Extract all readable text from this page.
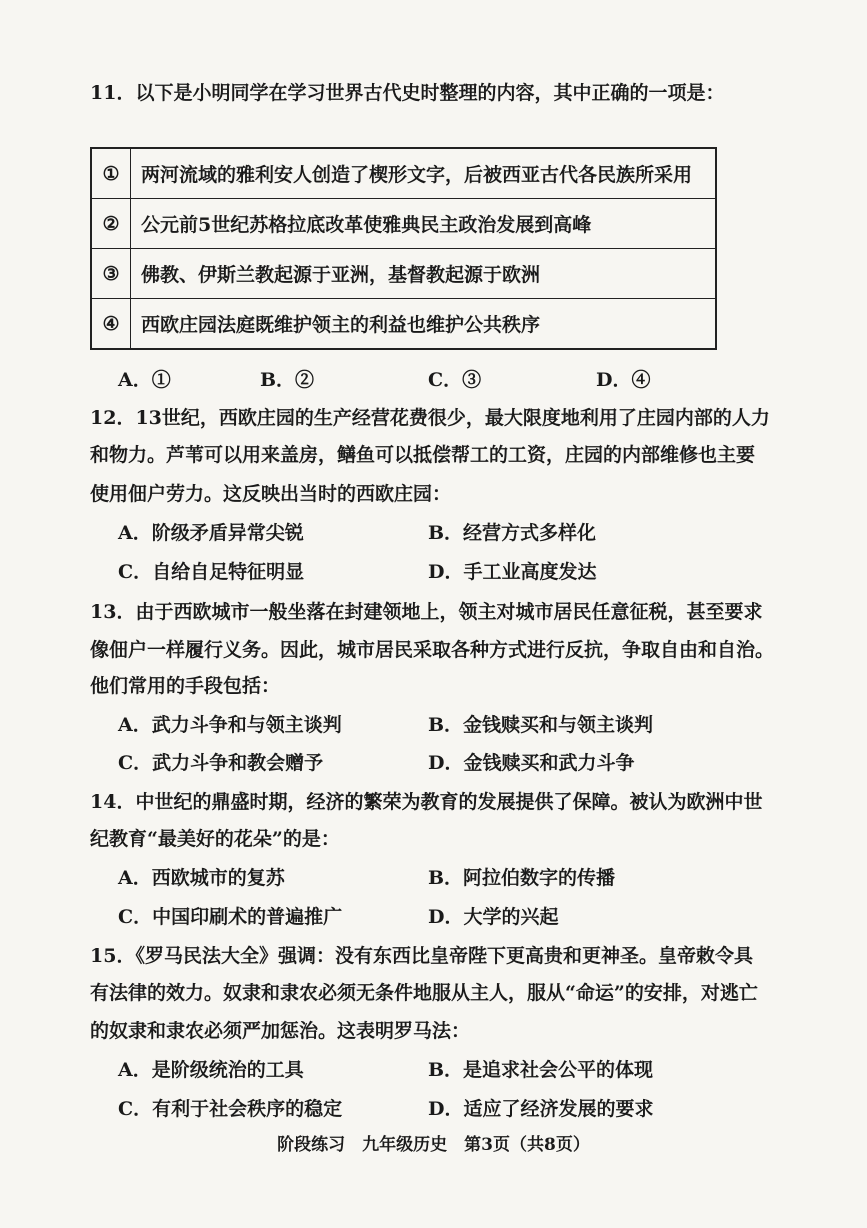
11．以下是小明同学在学习世界古代史时整理的内容，其中正确的一项是：
①	两河流域的雅利安人创造了楔形文字，后被西亚古代各民族所采用
②	公元前5世纪苏格拉底改革使雅典民主政治发展到高峰
③	佛教、伊斯兰教起源于亚洲，基督教起源于欧洲
④	西欧庄园法庭既维护领主的利益也维护公共秩序
A．①	B．②	C．③	D．④
12．13世纪，西欧庄园的生产经营花费很少，最大限度地利用了庄园内部的人力
和物力。芦苇可以用来盖房，鳝鱼可以抵偿帮工的工资，庄园的内部维修也主要
使用佃户劳力。这反映出当时的西欧庄园：
A．阶级矛盾异常尖锐	B．经营方式多样化
C．自给自足特征明显	D．手工业高度发达
13．由于西欧城市一般坐落在封建领地上，领主对城市居民任意征税，甚至要求
像佃户一样履行义务。因此，城市居民采取各种方式进行反抗，争取自由和自治。
他们常用的手段包括：
A．武力斗争和与领主谈判	B．金钱赎买和与领主谈判
C．武力斗争和教会赠予	D．金钱赎买和武力斗争
14．中世纪的鼎盛时期，经济的繁荣为教育的发展提供了保障。被认为欧洲中世
纪教育“最美好的花朵”的是：
A．西欧城市的复苏	B．阿拉伯数字的传播
C．中国印刷术的普遍推广	D．大学的兴起
15．《罗马民法大全》强调：没有东西比皇帝陛下更高贵和更神圣。皇帝敕令具
有法律的效力。奴隶和隶农必须无条件地服从主人，服从“命运”的安排，对逃亡
的奴隶和隶农必须严加惩治。这表明罗马法：
A．是阶级统治的工具	B．是追求社会公平的体现
C．有利于社会秩序的稳定	D．适应了经济发展的要求
阶段练习　九年级历史　第3页（共8页）
